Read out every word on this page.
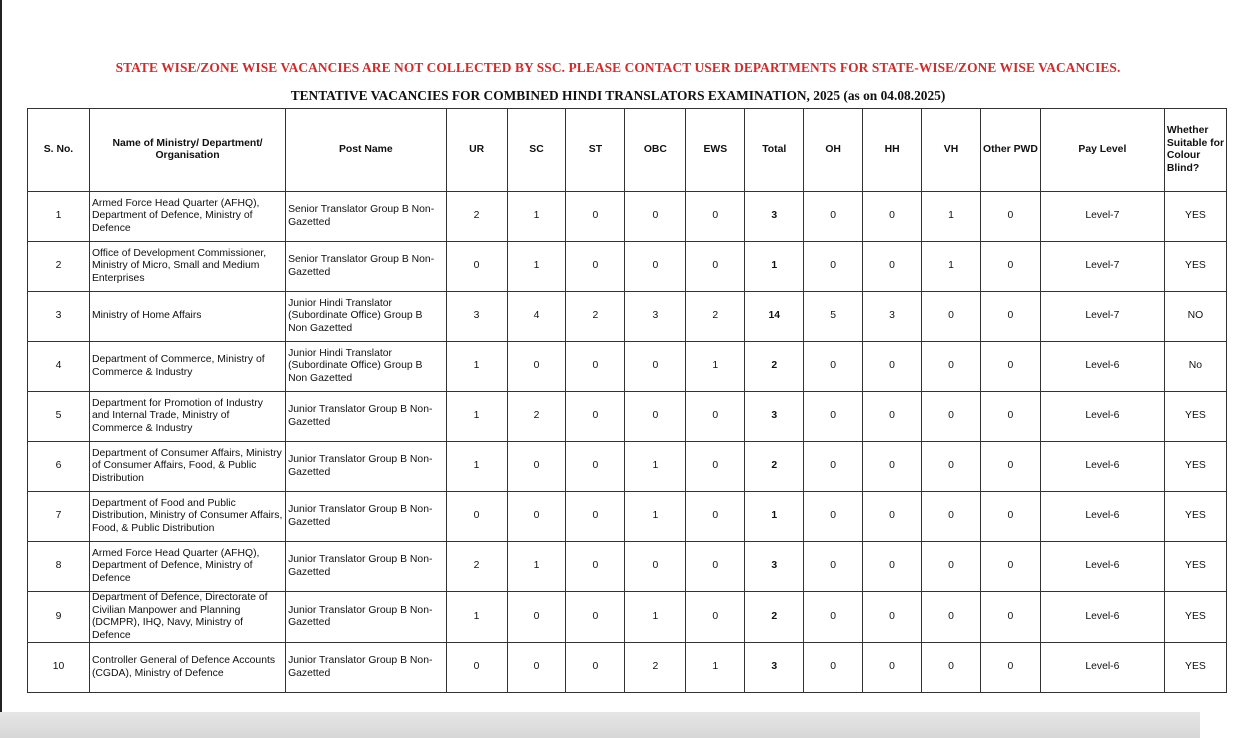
STATE WISE/ZONE WISE VACANCIES ARE NOT COLLECTED BY SSC. PLEASE CONTACT USER DEPARTMENTS FOR STATE-WISE/ZONE WISE VACANCIES.
TENTATIVE VACANCIES FOR COMBINED HINDI TRANSLATORS EXAMINATION, 2025 (as on 04.08.2025)
S. No.	Name of Ministry/ Department/ Organisation	Post Name	UR	SC	ST	OBC	EWS	Total	OH	HH	VH	Other PWD	Pay Level	Whether Suitable for Colour Blind?
1	Armed Force Head Quarter (AFHQ), Department of Defence, Ministry of Defence	Senior Translator Group B Non-Gazetted	2	1	0	0	0	3	0	0	1	0	Level-7	YES
2	Office of Development Commissioner, Ministry of Micro, Small and Medium Enterprises	Senior Translator Group B Non-Gazetted	0	1	0	0	0	1	0	0	1	0	Level-7	YES
3	Ministry of Home Affairs	Junior Hindi Translator (Subordinate Office) Group B Non Gazetted	3	4	2	3	2	14	5	3	0	0	Level-7	NO
4	Department of Commerce, Ministry of Commerce & Industry	Junior Hindi Translator (Subordinate Office) Group B Non Gazetted	1	0	0	0	1	2	0	0	0	0	Level-6	No
5	Department for Promotion of Industry and Internal Trade, Ministry of Commerce & Industry	Junior Translator Group B Non-Gazetted	1	2	0	0	0	3	0	0	0	0	Level-6	YES
6	Department of Consumer Affairs, Ministry of Consumer Affairs, Food, & Public Distribution	Junior Translator Group B Non-Gazetted	1	0	0	1	0	2	0	0	0	0	Level-6	YES
7	Department of Food and Public Distribution, Ministry of Consumer Affairs, Food, & Public Distribution	Junior Translator Group B Non-Gazetted	0	0	0	1	0	1	0	0	0	0	Level-6	YES
8	Armed Force Head Quarter (AFHQ), Department of Defence, Ministry of Defence	Junior Translator Group B Non-Gazetted	2	1	0	0	0	3	0	0	0	0	Level-6	YES
9	Department of Defence, Directorate of Civilian Manpower and Planning (DCMPR), IHQ, Navy, Ministry of Defence	Junior Translator Group B Non-Gazetted	1	0	0	1	0	2	0	0	0	0	Level-6	YES
10	Controller General of Defence Accounts (CGDA), Ministry of Defence	Junior Translator Group B Non-Gazetted	0	0	0	2	1	3	0	0	0	0	Level-6	YES
